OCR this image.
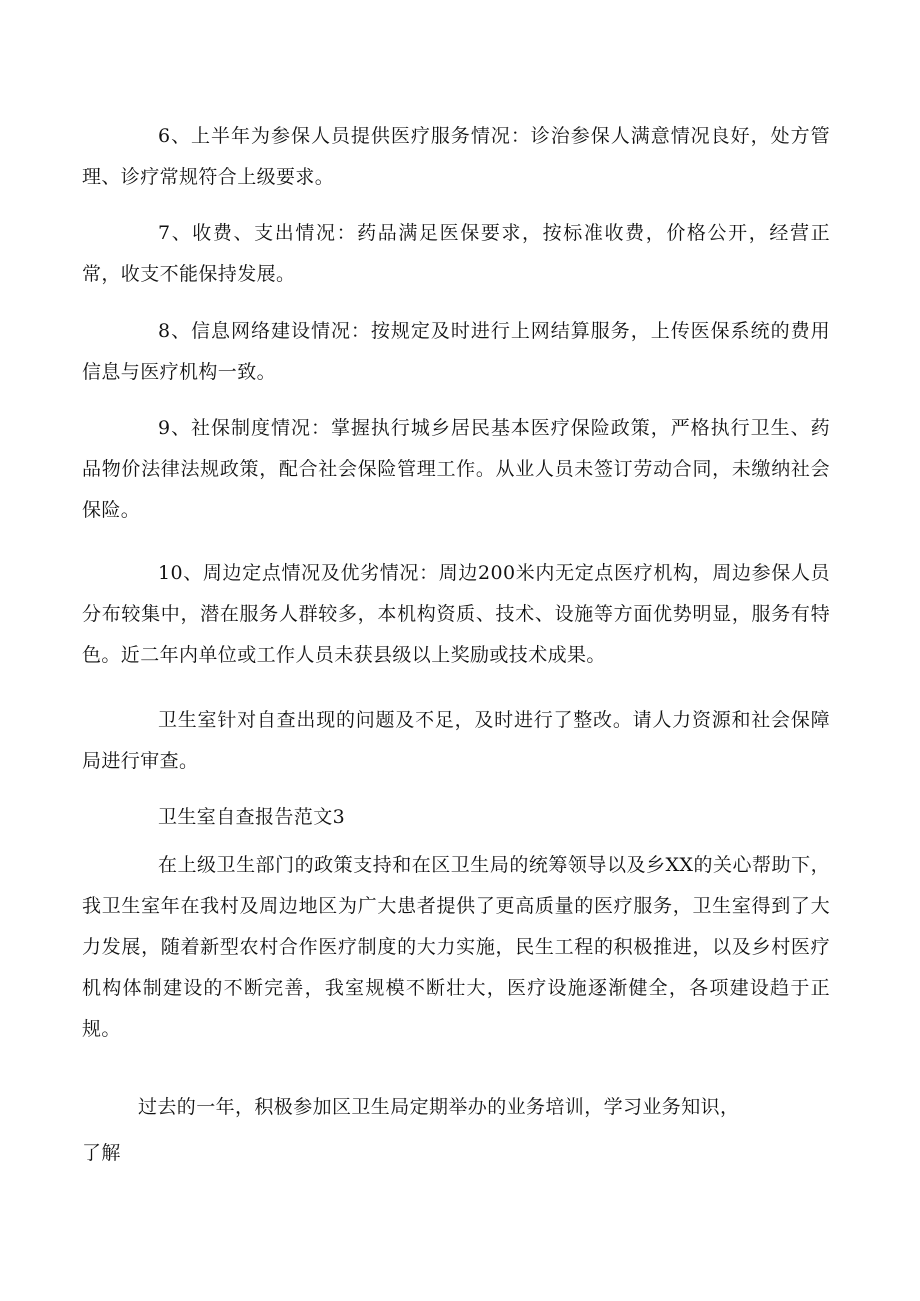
6、上半年为参保人员提供医疗服务情况：诊治参保人满意情况良好，处方管理、诊疗常规符合上级要求。

7、收费、支出情况：药品满足医保要求，按标准收费，价格公开，经营正常，收支不能保持发展。

8、信息网络建设情况：按规定及时进行上网结算服务，上传医保系统的费用信息与医疗机构一致。

9、社保制度情况：掌握执行城乡居民基本医疗保险政策，严格执行卫生、药品物价法律法规政策，配合社会保险管理工作。从业人员未签订劳动合同，未缴纳社会保险。

10、周边定点情况及优劣情况：周边200米内无定点医疗机构，周边参保人员分布较集中，潜在服务人群较多，本机构资质、技术、设施等方面优势明显，服务有特色。近二年内单位或工作人员未获县级以上奖励或技术成果。

卫生室针对自查出现的问题及不足，及时进行了整改。请人力资源和社会保障局进行审查。

卫生室自查报告范文3

在上级卫生部门的政策支持和在区卫生局的统筹领导以及乡XX的关心帮助下，我卫生室年在我村及周边地区为广大患者提供了更高质量的医疗服务，卫生室得到了大力发展，随着新型农村合作医疗制度的大力实施，民生工程的积极推进，以及乡村医疗机构体制建设的不断完善，我室规模不断壮大，医疗设施逐渐健全，各项建设趋于正规。

过去的一年，积极参加区卫生局定期举办的业务培训，学习业务知识，

了解
